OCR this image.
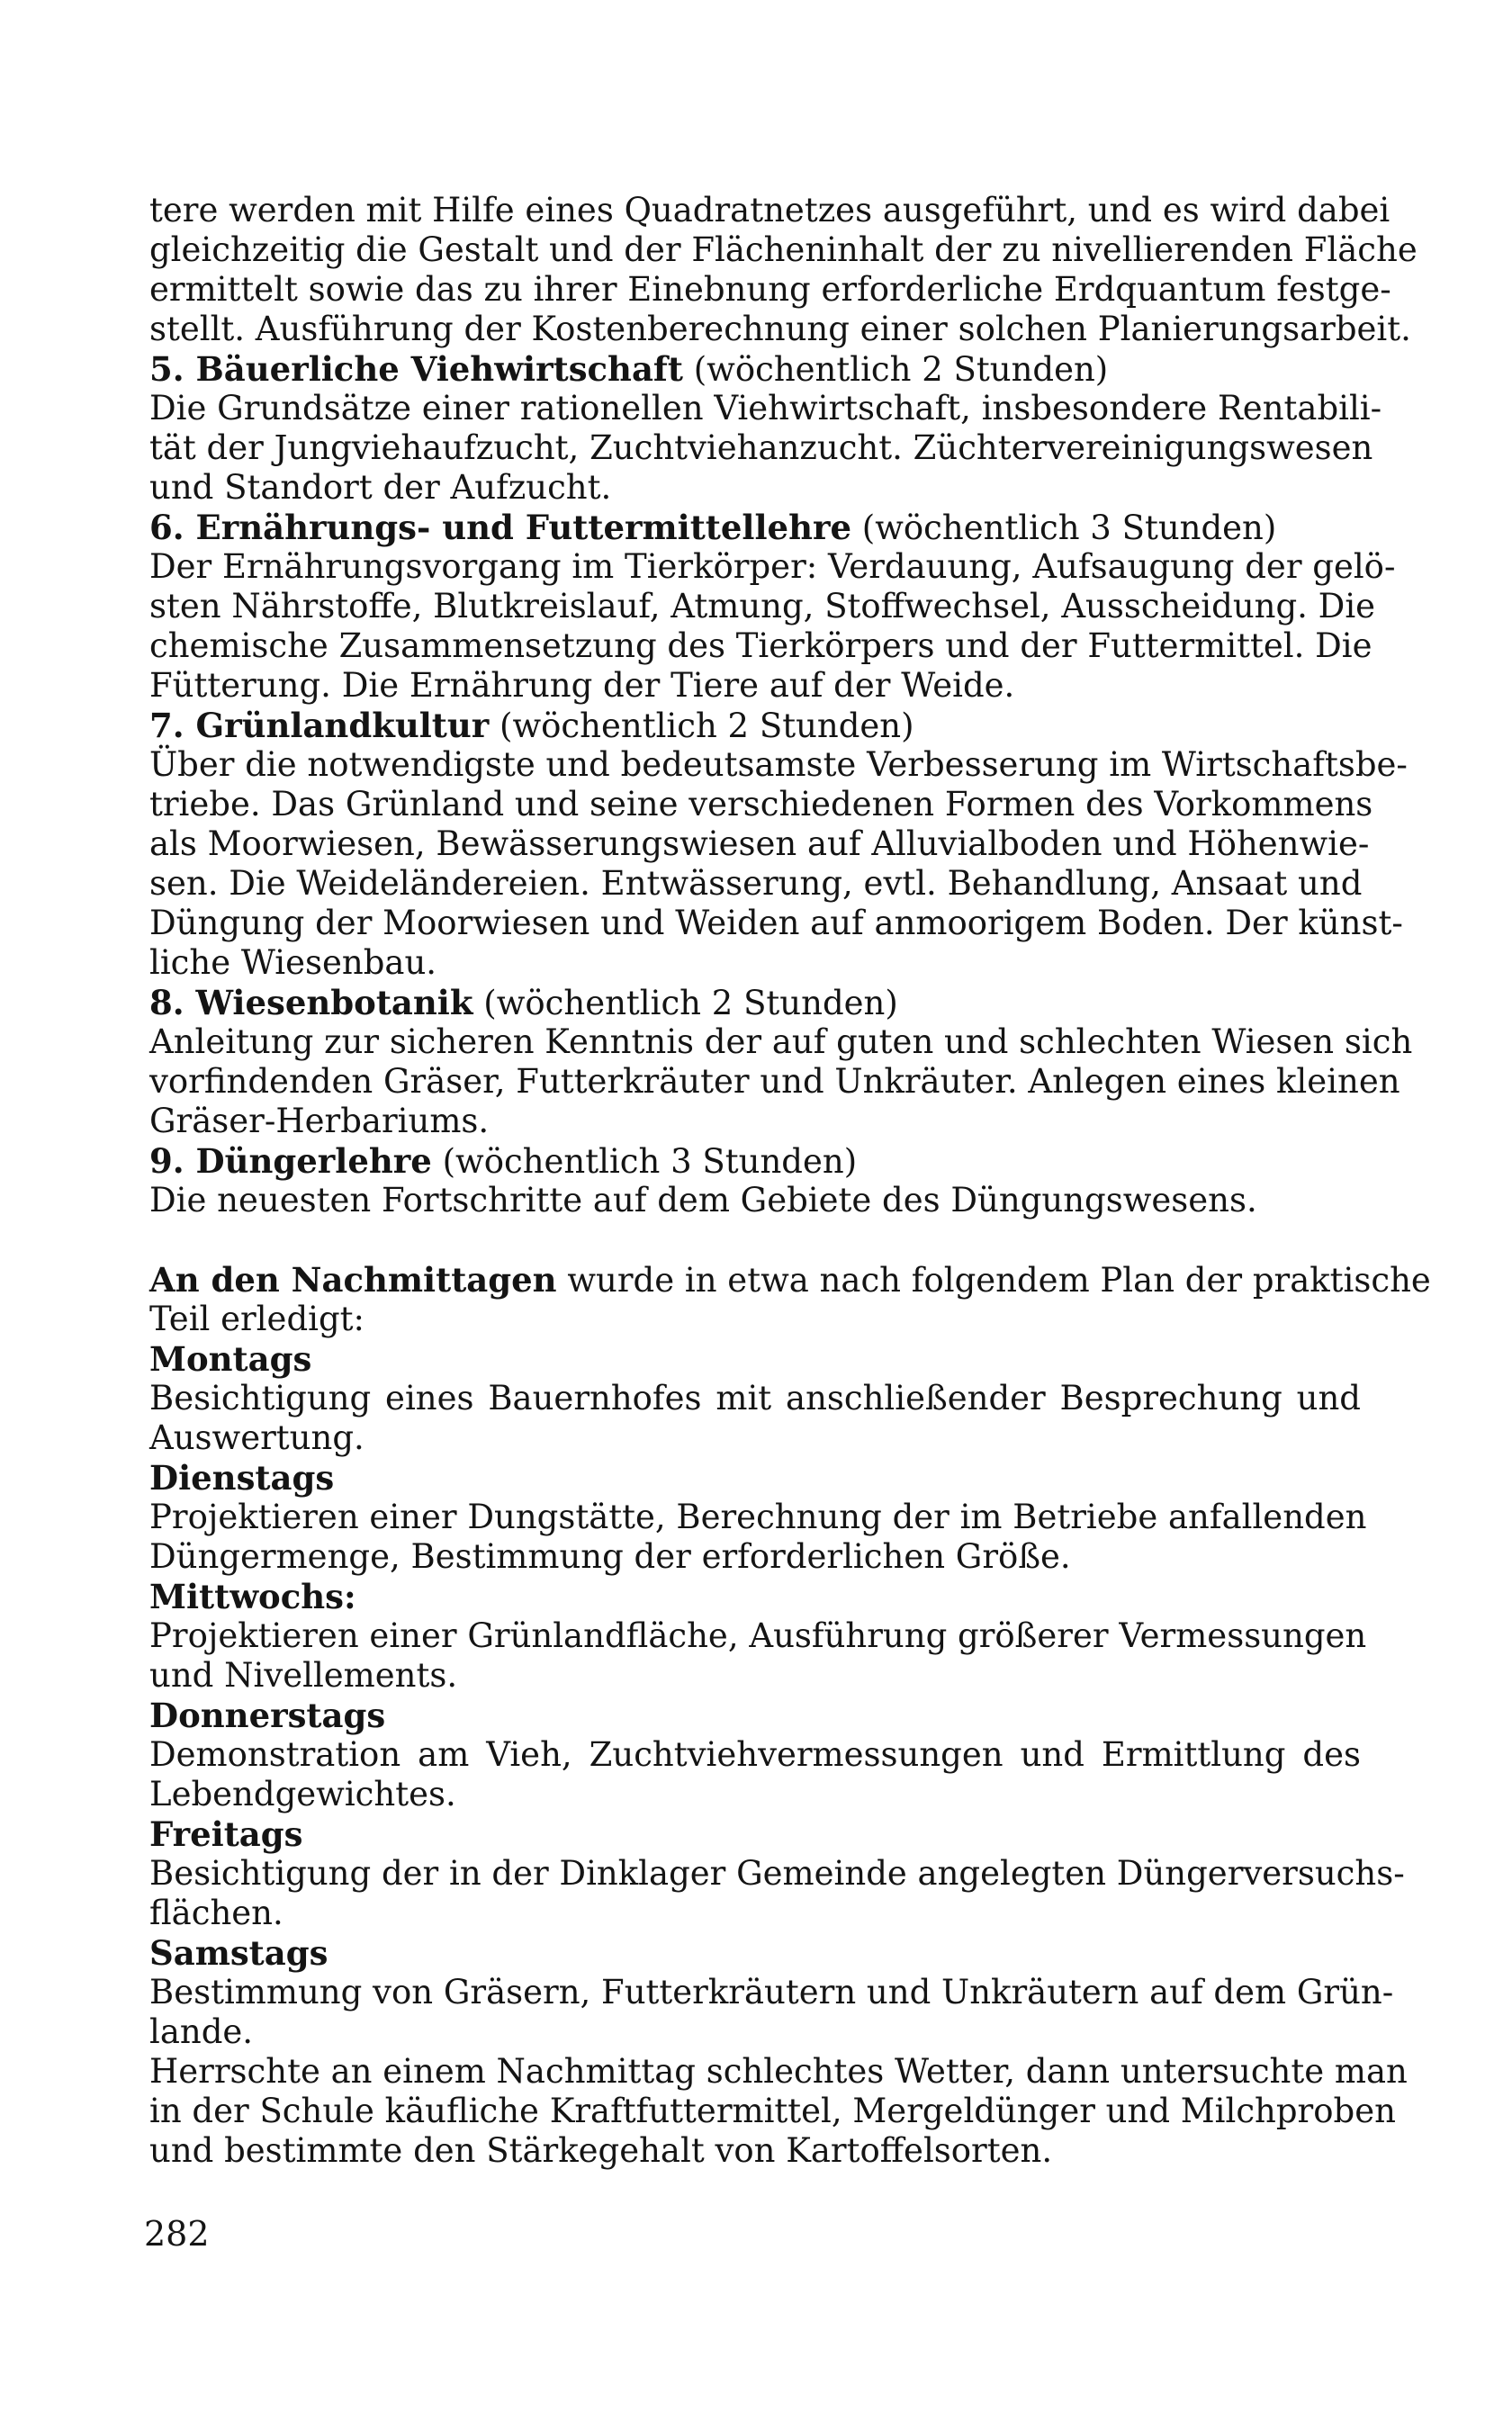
tere werden mit Hilfe eines Quadratnetzes ausgeführt, und es wird dabei
gleichzeitig die Gestalt und der Flächeninhalt der zu nivellierenden Fläche
ermittelt sowie das zu ihrer Einebnung erforderliche Erdquantum festge-
stellt. Ausführung der Kostenberechnung einer solchen Planierungsarbeit.
5. Bäuerliche Viehwirtschaft (wöchentlich 2 Stunden)
Die Grundsätze einer rationellen Viehwirtschaft, insbesondere Rentabili-
tät der Jungviehaufzucht, Zuchtviehanzucht. Züchtervereinigungswesen
und Standort der Aufzucht.
6. Ernährungs- und Futtermittellehre (wöchentlich 3 Stunden)
Der Ernährungsvorgang im Tierkörper: Verdauung, Aufsaugung der gelö-
sten Nährstoffe, Blutkreislauf, Atmung, Stoffwechsel, Ausscheidung. Die
chemische Zusammensetzung des Tierkörpers und der Futtermittel. Die
Fütterung. Die Ernährung der Tiere auf der Weide.
7. Grünlandkultur (wöchentlich 2 Stunden)
Über die notwendigste und bedeutsamste Verbesserung im Wirtschaftsbe-
triebe. Das Grünland und seine verschiedenen Formen des Vorkommens
als Moorwiesen, Bewässerungswiesen auf Alluvialboden und Höhenwie-
sen. Die Weideländereien. Entwässerung, evtl. Behandlung, Ansaat und
Düngung der Moorwiesen und Weiden auf anmoorigem Boden. Der künst-
liche Wiesenbau.
8. Wiesenbotanik (wöchentlich 2 Stunden)
Anleitung zur sicheren Kenntnis der auf guten und schlechten Wiesen sich
vorfindenden Gräser, Futterkräuter und Unkräuter. Anlegen eines kleinen
Gräser-Herbariums.
9. Düngerlehre (wöchentlich 3 Stunden)
Die neuesten Fortschritte auf dem Gebiete des Düngungswesens.
An den Nachmittagen wurde in etwa nach folgendem Plan der praktische
Teil erledigt:
Montags
Besichtigung eines Bauernhofes mit anschließender Besprechung und
Auswertung.
Dienstags
Projektieren einer Dungstätte, Berechnung der im Betriebe anfallenden
Düngermenge, Bestimmung der erforderlichen Größe.
Mittwochs:
Projektieren einer Grünlandfläche, Ausführung größerer Vermessungen
und Nivellements.
Donnerstags
Demonstration am Vieh, Zuchtviehvermessungen und Ermittlung des
Lebendgewichtes.
Freitags
Besichtigung der in der Dinklager Gemeinde angelegten Düngerversuchs-
flächen.
Samstags
Bestimmung von Gräsern, Futterkräutern und Unkräutern auf dem Grün-
lande.
Herrschte an einem Nachmittag schlechtes Wetter, dann untersuchte man
in der Schule käufliche Kraftfuttermittel, Mergeldünger und Milchproben
und bestimmte den Stärkegehalt von Kartoffelsorten.
282
